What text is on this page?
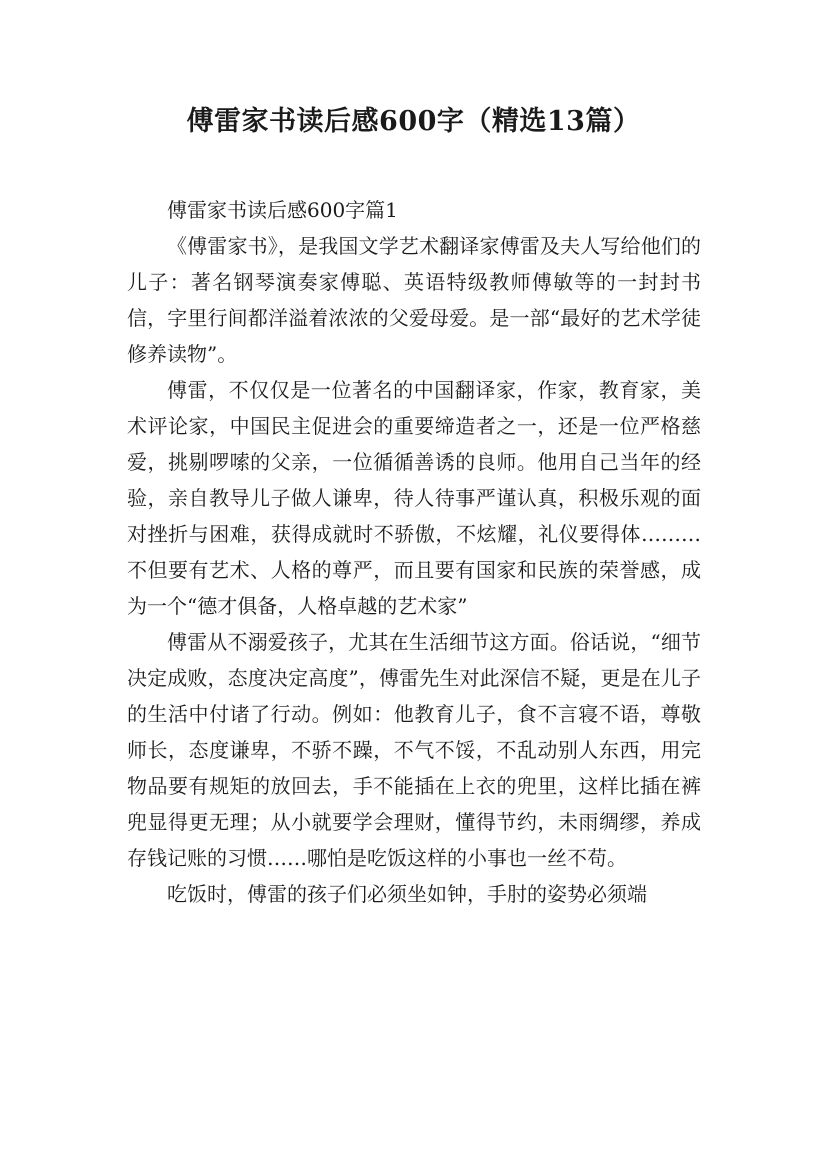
傅雷家书读后感600字（精选13篇）

傅雷家书读后感600字篇1

《傅雷家书》，是我国文学艺术翻译家傅雷及夫人写给他们的儿子：著名钢琴演奏家傅聪、英语特级教师傅敏等的一封封书信，字里行间都洋溢着浓浓的父爱母爱。是一部“最好的艺术学徒修养读物”。

傅雷，不仅仅是一位著名的中国翻译家，作家，教育家，美术评论家，中国民主促进会的重要缔造者之一，还是一位严格慈爱，挑剔啰嗦的父亲，一位循循善诱的良师。他用自己当年的经验，亲自教导儿子做人谦卑，待人待事严谨认真，积极乐观的面对挫折与困难，获得成就时不骄傲，不炫耀，礼仪要得体………不但要有艺术、人格的尊严，而且要有国家和民族的荣誉感，成为一个“德才俱备，人格卓越的艺术家”

傅雷从不溺爱孩子，尤其在生活细节这方面。俗话说，“细节决定成败，态度决定高度”，傅雷先生对此深信不疑，更是在儿子的生活中付诸了行动。例如：他教育儿子，食不言寝不语，尊敬师长，态度谦卑，不骄不躁，不气不馁，不乱动别人东西，用完物品要有规矩的放回去，手不能插在上衣的兜里，这样比插在裤兜显得更无理；从小就要学会理财，懂得节约，未雨绸缪，养成存钱记账的习惯……哪怕是吃饭这样的小事也一丝不苟。

吃饭时，傅雷的孩子们必须坐如钟，手肘的姿势必须端
